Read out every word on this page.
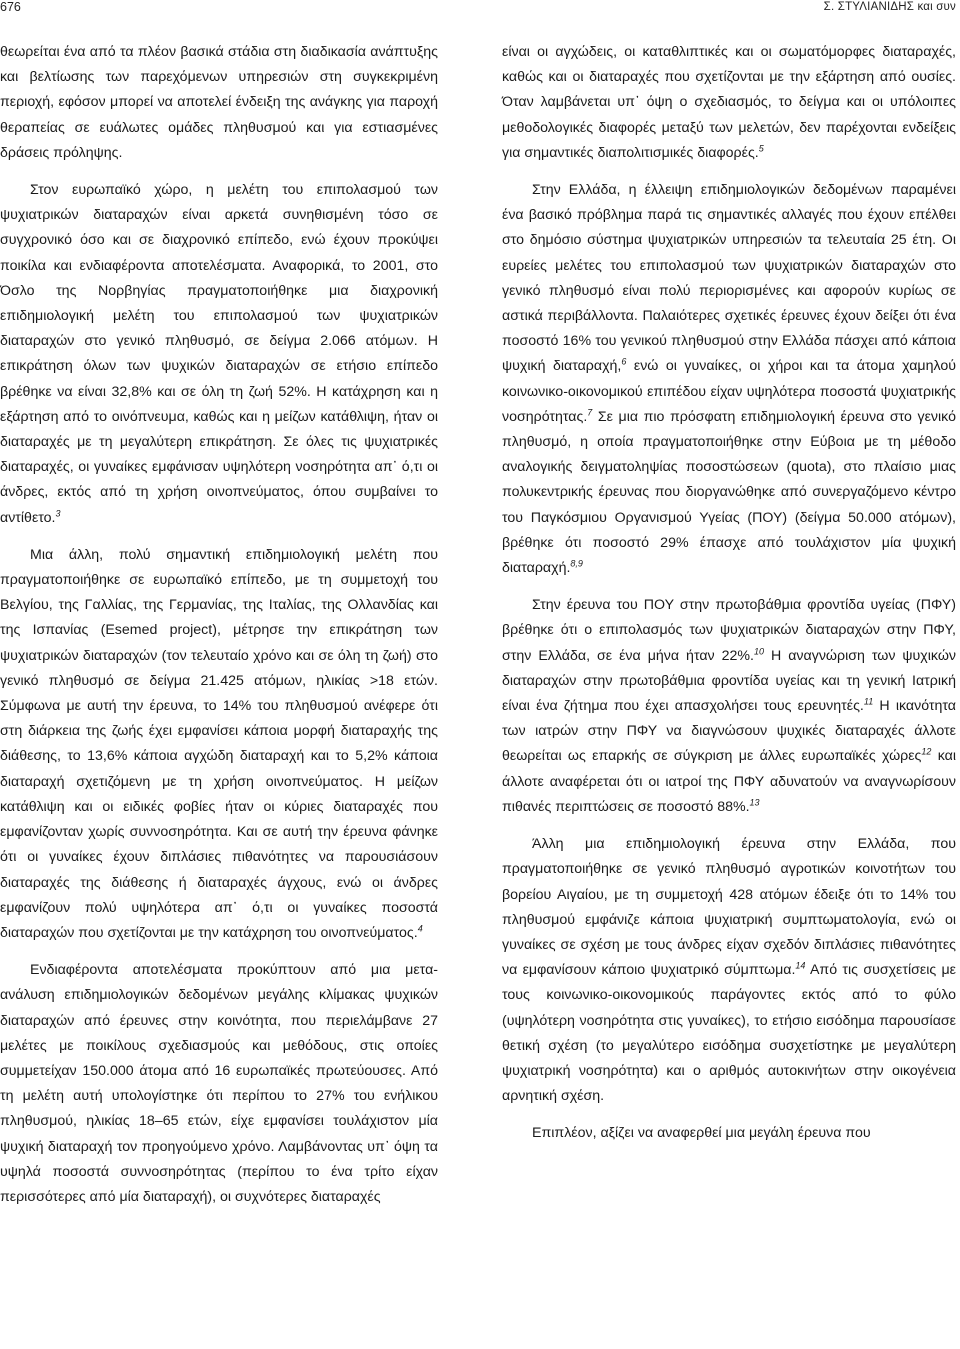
676	Σ. ΣΤΥΛΙΑΝΙΔΗΣ και συν

θεωρείται ένα από τα πλέον βασικά στάδια στη διαδικασία ανάπτυξης και βελτίωσης των παρεχόμενων υπηρεσιών στη συγκεκριμένη περιοχή, εφόσον μπορεί να αποτελεί ένδειξη της ανάγκης για παροχή θεραπείας σε ευάλωτες ομάδες πληθυσμού και για εστιασμένες δράσεις πρόληψης.

Στον ευρωπαϊκό χώρο, η μελέτη του επιπολασμού των ψυχιατρικών διαταραχών είναι αρκετά συνηθισμένη τόσο σε συγχρονικό όσο και σε διαχρονικό επίπεδο, ενώ έχουν προκύψει ποικίλα και ενδιαφέροντα αποτελέσματα. Αναφορικά, το 2001, στο Όσλο της Νορβηγίας πραγματοποιήθηκε μια διαχρονική επιδημιολογική μελέτη του επιπολασμού των ψυχιατρικών διαταραχών στο γενικό πληθυσμό, σε δείγμα 2.066 ατόμων. Η επικράτηση όλων των ψυχικών διαταραχών σε ετήσιο επίπεδο βρέθηκε να είναι 32,8% και σε όλη τη ζωή 52%. Η κατάχρηση και η εξάρτηση από το οινόπνευμα, καθώς και η μείζων κατάθλιψη, ήταν οι διαταραχές με τη μεγαλύτερη επικράτηση. Σε όλες τις ψυχιατρικές διαταραχές, οι γυναίκες εμφάνισαν υψηλότερη νοσηρότητα απ᾽ ό,τι οι άνδρες, εκτός από τη χρήση οινοπνεύματος, όπου συμβαίνει το αντίθετο.$^3$

Μια άλλη, πολύ σημαντική επιδημιολογική μελέτη που πραγματοποιήθηκε σε ευρωπαϊκό επίπεδο, με τη συμμετοχή του Βελγίου, της Γαλλίας, της Γερμανίας, της Ιταλίας, της Ολλανδίας και της Ισπανίας (Esemed project), μέτρησε την επικράτηση των ψυχιατρικών διαταραχών (τον τελευταίο χρόνο και σε όλη τη ζωή) στο γενικό πληθυσμό σε δείγμα 21.425 ατόμων, ηλικίας >18 ετών. Σύμφωνα με αυτή την έρευνα, το 14% του πληθυσμού ανέφερε ότι στη διάρκεια της ζωής έχει εμφανίσει κάποια μορφή διαταραχής της διάθεσης, το 13,6% κάποια αγχώδη διαταραχή και το 5,2% κάποια διαταραχή σχετιζόμενη με τη χρήση οινοπνεύματος. Η μείζων κατάθλιψη και οι ειδικές φοβίες ήταν οι κύριες διαταραχές που εμφανίζονταν χωρίς συννοσηρότητα. Και σε αυτή την έρευνα φάνηκε ότι οι γυναίκες έχουν διπλάσιες πιθανότητες να παρουσιάσουν διαταραχές της διάθεσης ή διαταραχές άγχους, ενώ οι άνδρες εμφανίζουν πολύ υψηλότερα απ᾽ ό,τι οι γυναίκες ποσοστά διαταραχών που σχετίζονται με την κατάχρηση του οινοπνεύματος.$^4$

Ενδιαφέροντα αποτελέσματα προκύπτουν από μια μετα-ανάλυση επιδημιολογικών δεδομένων μεγάλης κλίμακας ψυχικών διαταραχών από έρευνες στην κοινότητα, που περιελάμβανε 27 μελέτες με ποικίλους σχεδιασμούς και μεθόδους, στις οποίες συμμετείχαν 150.000 άτομα από 16 ευρωπαϊκές πρωτεύουσες. Από τη μελέτη αυτή υπολογίστηκε ότι περίπου το 27% του ενήλικου πληθυσμού, ηλικίας 18–65 ετών, είχε εμφανίσει τουλάχιστον μία ψυχική διαταραχή τον προηγούμενο χρόνο. Λαμβάνοντας υπ᾽ όψη τα υψηλά ποσοστά συννοσηρότητας (περίπου το ένα τρίτο είχαν περισσότερες από μία διαταραχή), οι συχνότερες διαταραχές

είναι οι αγχώδεις, οι καταθλιπτικές και οι σωματόμορφες διαταραχές, καθώς και οι διαταραχές που σχετίζονται με την εξάρτηση από ουσίες. Όταν λαμβάνεται υπ᾽ όψη ο σχεδιασμός, το δείγμα και οι υπόλοιπες μεθοδολογικές διαφορές μεταξύ των μελετών, δεν παρέχονται ενδείξεις για σημαντικές διαπολιτισμικές διαφορές.$^5$

Στην Ελλάδα, η έλλειψη επιδημιολογικών δεδομένων παραμένει ένα βασικό πρόβλημα παρά τις σημαντικές αλλαγές που έχουν επέλθει στο δημόσιο σύστημα ψυχιατρικών υπηρεσιών τα τελευταία 25 έτη. Οι ευρείες μελέτες του επιπολασμού των ψυχιατρικών διαταραχών στο γενικό πληθυσμό είναι πολύ περιορισμένες και αφορούν κυρίως σε αστικά περιβάλλοντα. Παλαιότερες σχετικές έρευνες έχουν δείξει ότι ένα ποσοστό 16% του γενικού πληθυσμού στην Ελλάδα πάσχει από κάποια ψυχική διαταραχή,$^6$ ενώ οι γυναίκες, οι χήροι και τα άτομα χαμηλού κοινωνικο-οικονομικού επιπέδου είχαν υψηλότερα ποσοστά ψυχιατρικής νοσηρότητας.$^7$ Σε μια πιο πρόσφατη επιδημιολογική έρευνα στο γενικό πληθυσμό, η οποία πραγματοποιήθηκε στην Εύβοια με τη μέθοδο αναλογικής δειγματοληψίας ποσοστώσεων (quota), στο πλαίσιο μιας πολυκεντρικής έρευνας που διοργανώθηκε από συνεργαζόμενο κέντρο του Παγκόσμιου Οργανισμού Υγείας (ΠΟΥ) (δείγμα 50.000 ατόμων), βρέθηκε ότι ποσοστό 29% έπασχε από τουλάχιστον μία ψυχική διαταραχή.$^{8,9}$

Στην έρευνα του ΠΟΥ στην πρωτοβάθμια φροντίδα υγείας (ΠΦΥ) βρέθηκε ότι ο επιπολασμός των ψυχιατρικών διαταραχών στην ΠΦΥ, στην Ελλάδα, σε ένα μήνα ήταν 22%.$^{10}$ Η αναγνώριση των ψυχικών διαταραχών στην πρωτοβάθμια φροντίδα υγείας και τη γενική Ιατρική είναι ένα ζήτημα που έχει απασχολήσει τους ερευνητές.$^{11}$ Η ικανότητα των ιατρών στην ΠΦΥ να διαγνώσουν ψυχικές διαταραχές άλλοτε θεωρείται ως επαρκής σε σύγκριση με άλλες ευρωπαϊκές χώρες$^{12}$ και άλλοτε αναφέρεται ότι οι ιατροί της ΠΦΥ αδυνατούν να αναγνωρίσουν πιθανές περιπτώσεις σε ποσοστό 88%.$^{13}$

Άλλη μια επιδημιολογική έρευνα στην Ελλάδα, που πραγματοποιήθηκε σε γενικό πληθυσμό αγροτικών κοινοτήτων του βορείου Αιγαίου, με τη συμμετοχή 428 ατόμων έδειξε ότι το 14% του πληθυσμού εμφάνιζε κάποια ψυχιατρική συμπτωματολογία, ενώ οι γυναίκες σε σχέση με τους άνδρες είχαν σχεδόν διπλάσιες πιθανότητες να εμφανίσουν κάποιο ψυχιατρικό σύμπτωμα.$^{14}$ Από τις συσχετίσεις με τους κοινωνικο-οικονομικούς παράγοντες εκτός από το φύλο (υψηλότερη νοσηρότητα στις γυναίκες), το ετήσιο εισόδημα παρουσίασε θετική σχέση (το μεγαλύτερο εισόδημα συσχετίστηκε με μεγαλύτερη ψυχιατρική νοσηρότητα) και ο αριθμός αυτοκινήτων στην οικογένεια αρνητική σχέση.

Επιπλέον, αξίζει να αναφερθεί μια μεγάλη έρευνα που
